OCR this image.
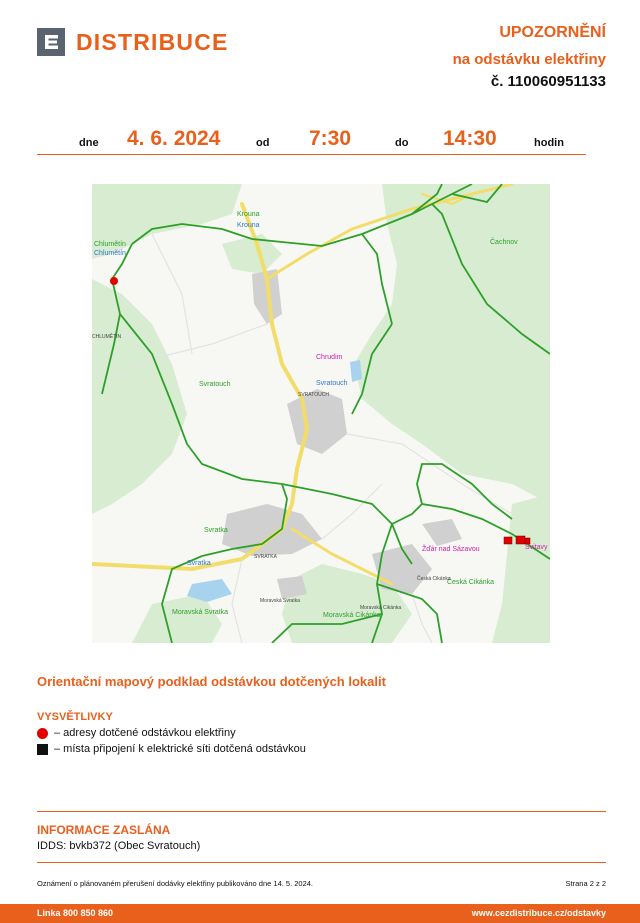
DISTRIBUCE	UPOZORNĚNÍ
na odstávku elektřiny
č. 110060951133
dne 4. 6. 2024	od 7:30	do 14:30	hodin
Krouna
Krouna
Chlumětín
Chlumětín
CHLUMĚTÍN
Čachnov
Chrudim
Svratouch
Svratouch
SVRATOUCH
Svratka
Svratka
SVRATKA
Žďár nad Sázavou	Svitavy
Česká Cikánka
Česká Cikánka
Moravská Svratka
Moravská Svratka
Moravská Cikánka
Moravská Cikánka
Orientační mapový podklad odstávkou dotčených lokalit
VYSVĚTLIVKY
– adresy dotčené odstávkou elektřiny
– místa připojení k elektrické síti dotčená odstávkou
INFORMACE ZASLÁNA
IDDS: bvkb372 (Obec Svratouch)
Oznámení o plánovaném přerušení dodávky elektřiny publikováno dne 14. 5. 2024.	Strana 2 z 2
Linka 800 850 860	www.cezdistribuce.cz/odstavky
